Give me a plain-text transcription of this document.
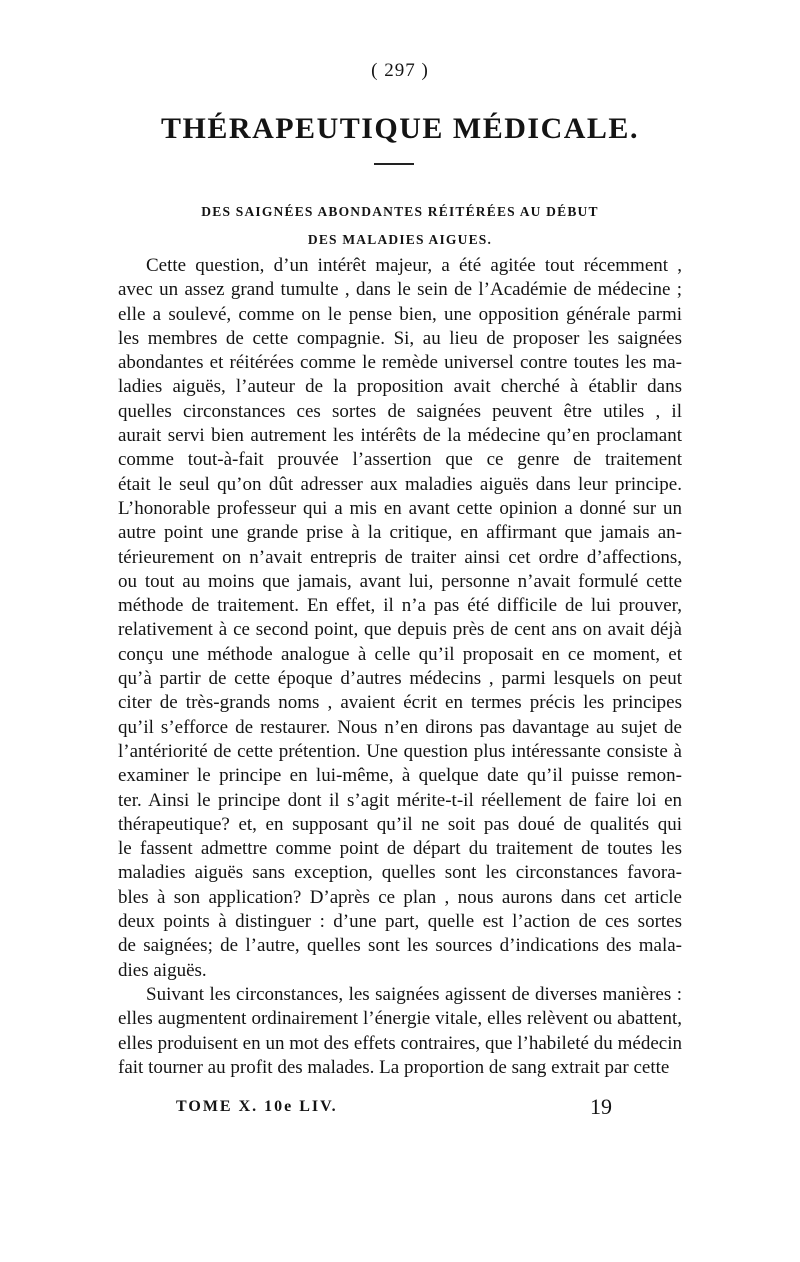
( 297 )
THÉRAPEUTIQUE MÉDICALE.
DES SAIGNÉES ABONDANTES RÉITÉRÉES AU DÉBUT
DES MALADIES AIGUES.
Cette question, d’un intérêt majeur, a été agitée tout récemment ,
avec un assez grand tumulte , dans le sein de l’Académie de médecine ;
elle a soulevé, comme on le pense bien, une opposition générale parmi
les membres de cette compagnie. Si, au lieu de proposer les saignées
abondantes et réitérées comme le remède universel contre toutes les ma-
ladies aiguës, l’auteur de la proposition avait cherché à établir dans
quelles circonstances ces sortes de saignées peuvent être utiles , il
aurait servi bien autrement les intérêts de la médecine qu’en proclamant
comme tout-à-fait prouvée l’assertion que ce genre de traitement
était le seul qu’on dût adresser aux maladies aiguës dans leur principe.
L’honorable professeur qui a mis en avant cette opinion a donné sur un
autre point une grande prise à la critique, en affirmant que jamais an-
térieurement on n’avait entrepris de traiter ainsi cet ordre d’affections,
ou tout au moins que jamais, avant lui, personne n’avait formulé cette
méthode de traitement. En effet, il n’a pas été difficile de lui prouver,
relativement à ce second point, que depuis près de cent ans on avait déjà
conçu une méthode analogue à celle qu’il proposait en ce moment, et
qu’à partir de cette époque d’autres médecins , parmi lesquels on peut
citer de très-grands noms , avaient écrit en termes précis les principes
qu’il s’efforce de restaurer. Nous n’en dirons pas davantage au sujet de
l’antériorité de cette prétention. Une question plus intéressante consiste à
examiner le principe en lui-même, à quelque date qu’il puisse remon-
ter. Ainsi le principe dont il s’agit mérite-t-il réellement de faire loi en
thérapeutique? et, en supposant qu’il ne soit pas doué de qualités qui
le fassent admettre comme point de départ du traitement de toutes les
maladies aiguës sans exception, quelles sont les circonstances favora-
bles à son application? D’après ce plan , nous aurons dans cet article
deux points à distinguer : d’une part, quelle est l’action de ces sortes
de saignées; de l’autre, quelles sont les sources d’indications des mala-
dies aiguës.
Suivant les circonstances, les saignées agissent de diverses manières :
elles augmentent ordinairement l’énergie vitale, elles relèvent ou abattent,
elles produisent en un mot des effets contraires, que l’habileté du médecin
fait tourner au profit des malades. La proportion de sang extrait par cette
TOME X. 10e LIV.	19
